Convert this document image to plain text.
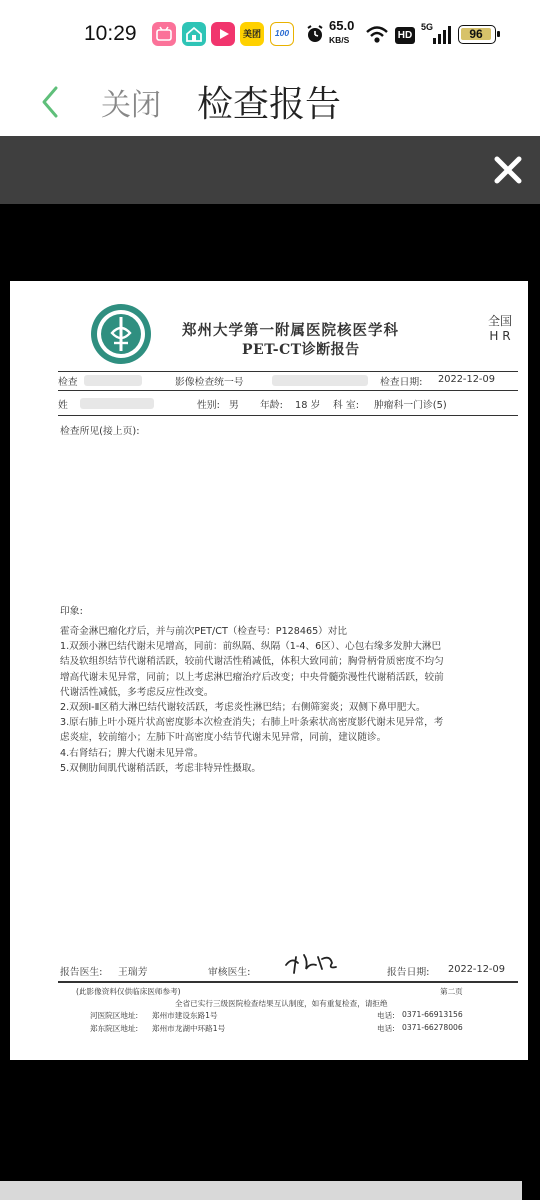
10:29	美团	100	65.0
KB/S	HD
5G	96
关闭 检查报告
郑州大学第一附属医院核医学科
PET-CT诊断报告
全国
H R
检查	影像检查统一号	检查日期: 2022-12-09
姓	性别: 男 年龄: 18 岁 科 室: 肿瘤科一门诊(5)
检查所见(接上页):
印象:
霍奇金淋巴瘤化疗后，并与前次PET/CT（检查号：P128465）对比
1.双颈小淋巴结代谢未见增高，同前：前纵隔、纵隔（1-4、6区）、心包右缘多发肿大淋巴
结及软组织结节代谢稍活跃，较前代谢活性稍减低，体积大致同前；胸骨柄骨质密度不均匀
增高代谢未见异常，同前；以上考虑淋巴瘤治疗后改变；中央骨髓弥漫性代谢稍活跃，较前
代谢活性减低，多考虑反应性改变。
2.双颈Ⅰ-Ⅱ区稍大淋巴结代谢较活跃，考虑炎性淋巴结；右侧筛窦炎；双侧下鼻甲肥大。
3.原右肺上叶小斑片状高密度影本次检查消失；右肺上叶条索状高密度影代谢未见异常，考
虑炎症，较前缩小；左肺下叶高密度小结节代谢未见异常，同前，建议随诊。
4.右肾结石；脾大代谢未见异常。
5.双侧肋间肌代谢稍活跃，考虑非特异性摄取。
报告医生: 王瑞芳	审核医生:	报告日期: 2022-12-09
(此影像资料仅供临床医师参考)	第二页
全省已实行三级医院检查结果互认制度，如有重复检查，请拒绝
河医院区地址: 郑州市建设东路1号	电话: 0371-66913156
郑东院区地址: 郑州市龙湖中环路1号	电话: 0371-66278006
